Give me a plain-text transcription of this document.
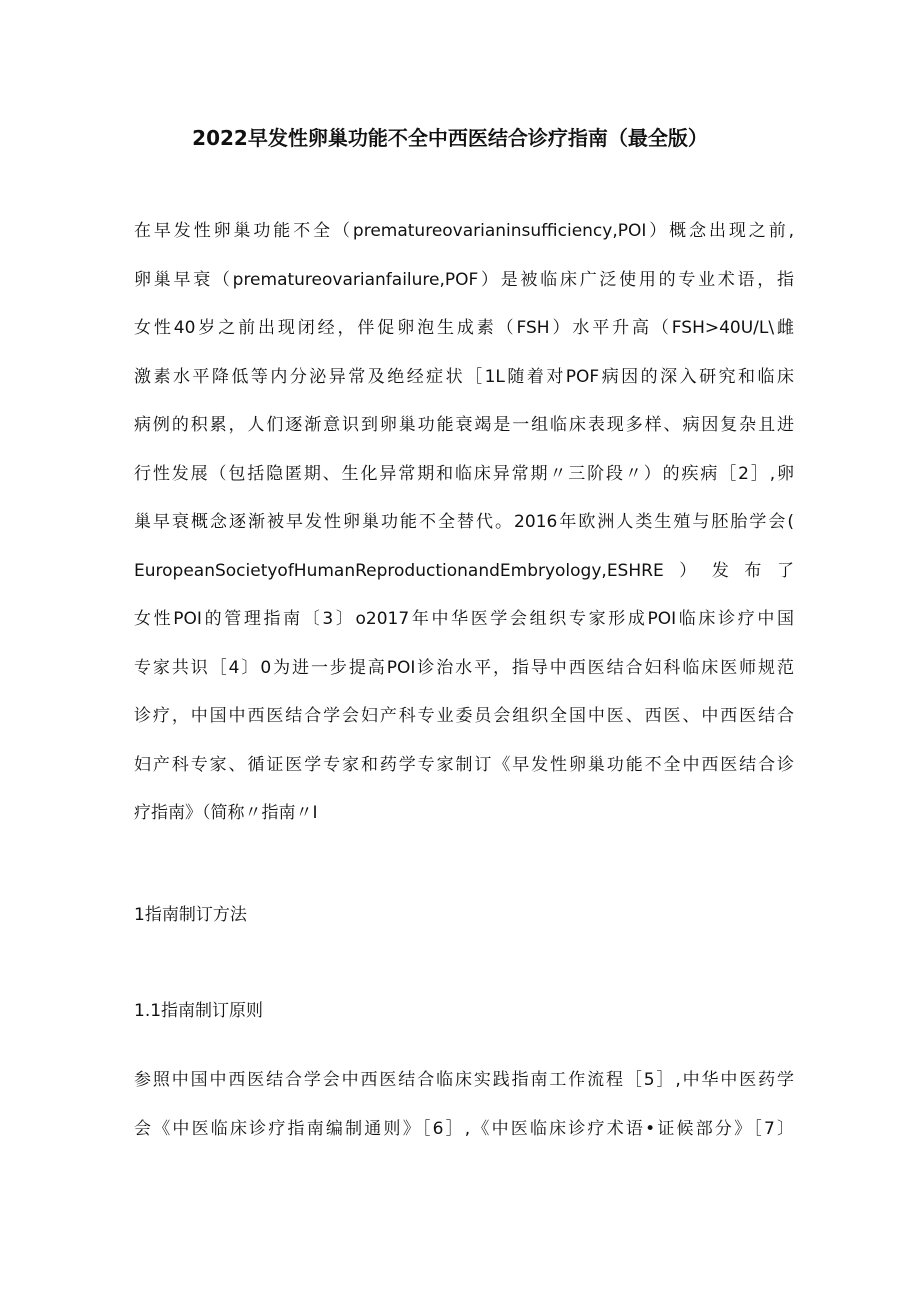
2022早发性卵巢功能不全中西医结合诊疗指南（最全版）
在早发性卵巢功能不全（prematureovarianinsufficiency,POI）概念出现之前,
卵巢早衰（prematureovarianfailure,POF）是被临床广泛使用的专业术语，指
女性40岁之前出现闭经，伴促卵泡生成素（FSH）水平升高（FSH>40U/L\雌
激素水平降低等内分泌异常及绝经症状［1L随着对POF病因的深入研究和临床
病例的积累，人们逐渐意识到卵巢功能衰竭是一组临床表现多样、病因复杂且进
行性发展（包括隐匿期、生化异常期和临床异常期〃三阶段〃）的疾病［2］,卵
巢早衰概念逐渐被早发性卵巢功能不全替代。2016年欧洲人类生殖与胚胎学会(
EuropeanSocietyofHumanReproductionandEmbryology,ESHRE）发布了
女性POI的管理指南〔3〕o2017年中华医学会组织专家形成POI临床诊疗中国
专家共识［4〕0为进一步提高POI诊治水平，指导中西医结合妇科临床医师规范
诊疗，中国中西医结合学会妇产科专业委员会组织全国中医、西医、中西医结合
妇产科专家、循证医学专家和药学专家制订《早发性卵巢功能不全中西医结合诊
疗指南》（简称〃指南〃I
1指南制订方法
1.1指南制订原则
参照中国中西医结合学会中西医结合临床实践指南工作流程［5］,中华中医药学
会《中医临床诊疗指南编制通则》［6］,《中医临床诊疗术语•证候部分》［7〕
